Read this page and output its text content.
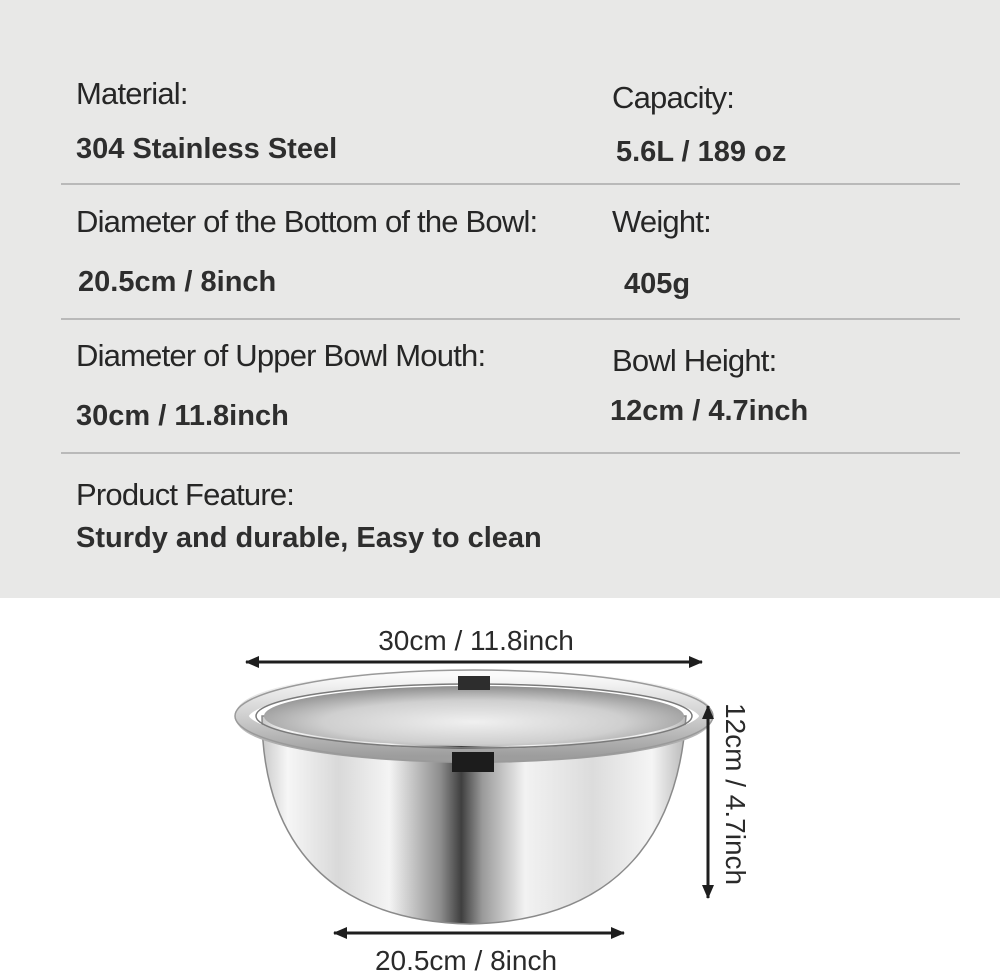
Material:
304 Stainless Steel
Capacity:
5.6L / 189 oz
Diameter of the Bottom of the Bowl:
20.5cm / 8inch
Weight:
405g
Diameter of Upper Bowl Mouth:
30cm / 11.8inch
Bowl Height:
12cm / 4.7inch
Product Feature:
Sturdy and durable, Easy to clean
30cm / 11.8inch
12cm / 4.7inch
20.5cm / 8inch
